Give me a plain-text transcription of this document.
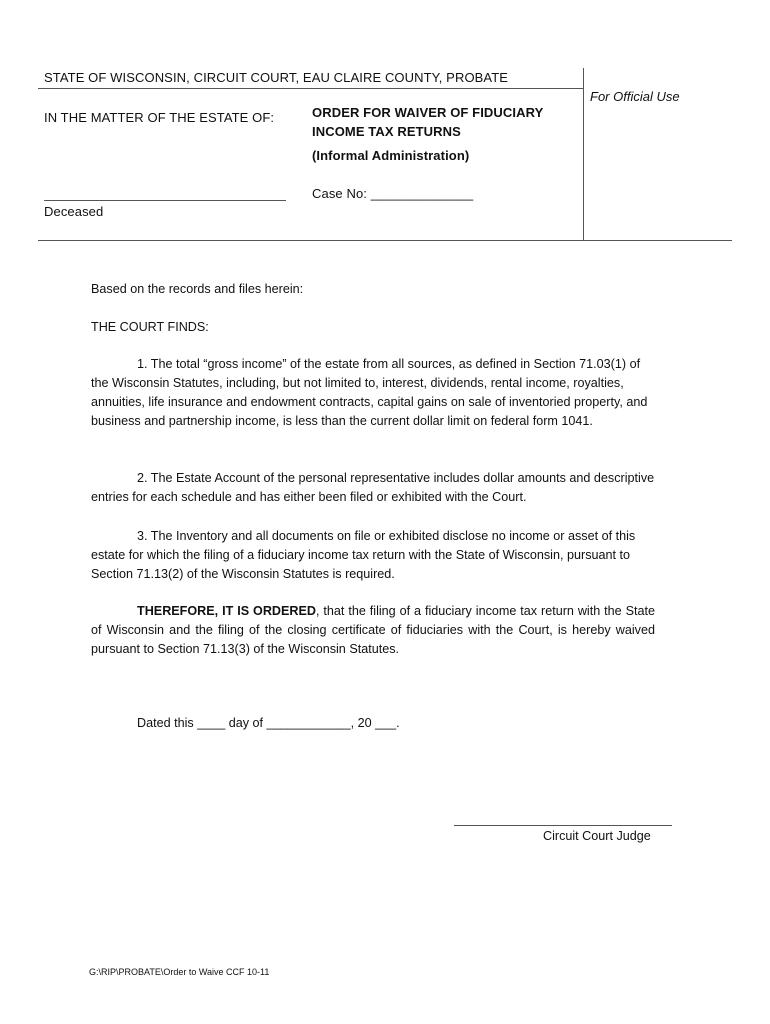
STATE OF WISCONSIN, CIRCUIT COURT, EAU CLAIRE COUNTY, PROBATE
For Official Use
IN THE MATTER OF THE ESTATE OF:	ORDER FOR WAIVER OF FIDUCIARY
INCOME TAX RETURNS
(Informal Administration)
Case No: ______________
Deceased
Based on the records and files herein:
THE COURT FINDS:
1. The total “gross income” of the estate from all sources, as defined in Section 71.03(1) of the Wisconsin Statutes, including, but not limited to, interest, dividends, rental income, royalties, annuities, life insurance and endowment contracts, capital gains on sale of inventoried property, and business and partnership income, is less than the current dollar limit on federal form 1041.
2. The Estate Account of the personal representative includes dollar amounts and descriptive entries for each schedule and has either been filed or exhibited with the Court.
3. The Inventory and all documents on file or exhibited disclose no income or asset of this estate for which the filing of a fiduciary income tax return with the State of Wisconsin, pursuant to Section 71.13(2) of the Wisconsin Statutes is required.
THEREFORE, IT IS ORDERED, that the filing of a fiduciary income tax return with the State of Wisconsin and the filing of the closing certificate of fiduciaries with the Court, is hereby waived pursuant to Section 71.13(3) of the Wisconsin Statutes.
Dated this ____ day of ____________, 20 ___.
Circuit Court Judge
G:\RIP\PROBATE\Order to Waive CCF 10-11
